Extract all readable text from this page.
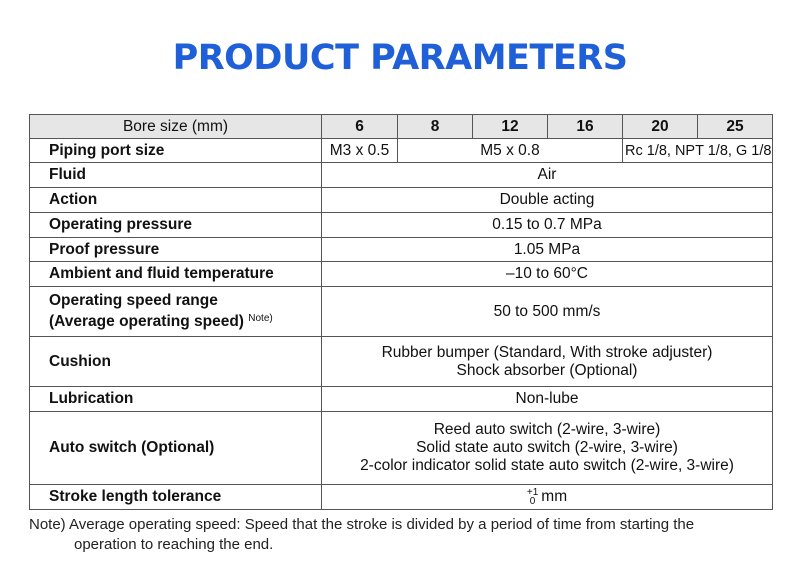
PRODUCT PARAMETERS
Bore size (mm)	6	8	12	16	20	25
Piping port size	M3 x 0.5	M5 x 0.8			Rc 1/8, NPT 1/8, G 1/8	
Fluid	Air					
Action	Double acting					
Operating pressure	0.15 to 0.7 MPa					
Proof pressure	1.05 MPa					
Ambient and fluid temperature	–10 to 60°C					
Operating speed range
(Average operating speed) $^{Note)}$	50 to 500 mm/s					
Cushion	Rubber bumper (Standard, With stroke adjuster)
Shock absorber (Optional)					
Lubrication	Non-lube					
Auto switch (Optional)	Reed auto switch (2-wire, 3-wire)
Solid state auto switch (2-wire, 3-wire)
2-color indicator solid state auto switch (2-wire, 3-wire)					
Stroke length tolerance	+1
0 mm					
Note) Average operating speed: Speed that the stroke is divided by a period of time from starting the
operation to reaching the end.
